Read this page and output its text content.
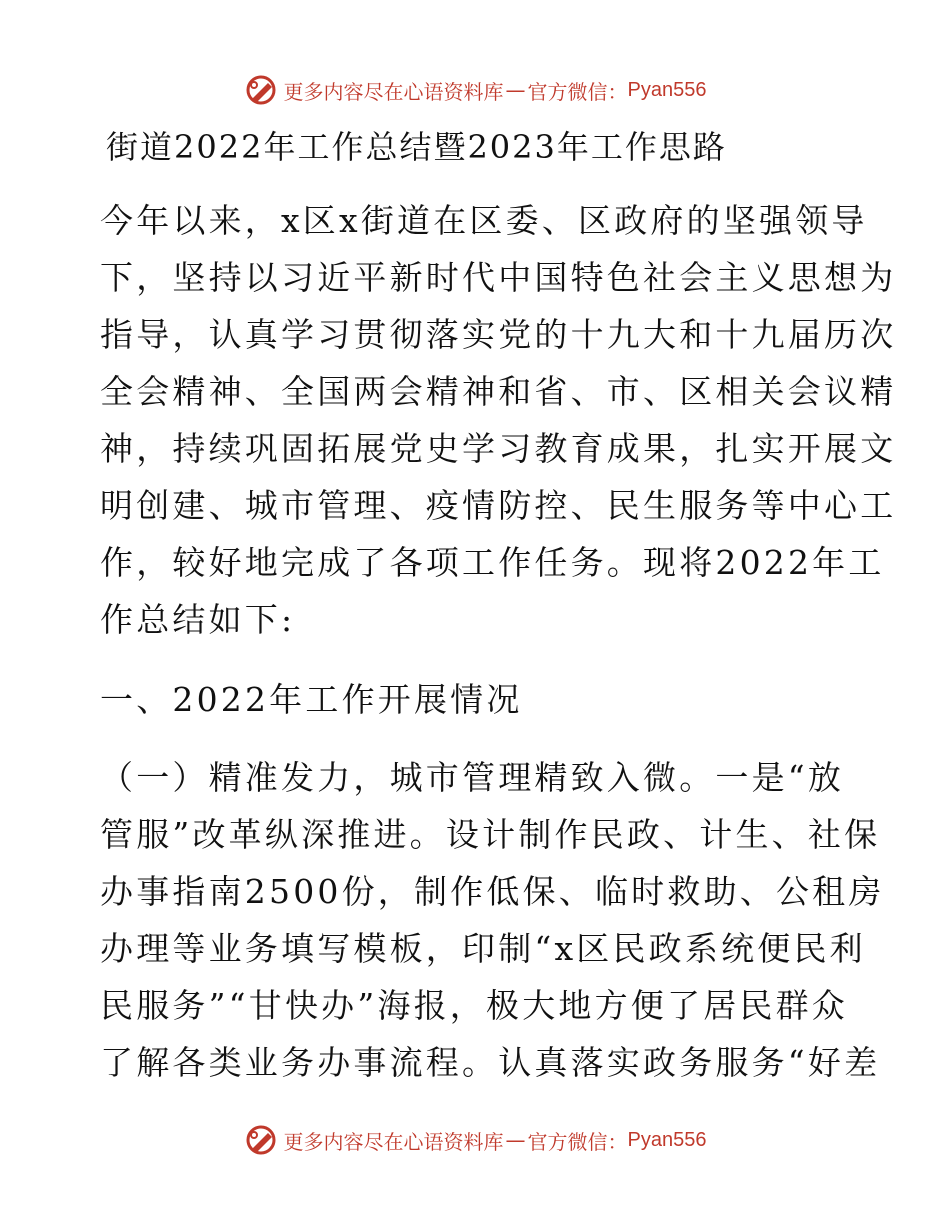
更多内容尽在心语资料库 — 官方微信： Pyan556
街道2022年工作总结暨2023年工作思路
今年以来，x区x街道在区委、区政府的坚强领导
下，坚持以习近平新时代中国特色社会主义思想为
指导，认真学习贯彻落实党的十九大和十九届历次
全会精神、全国两会精神和省、市、区相关会议精
神，持续巩固拓展党史学习教育成果，扎实开展文
明创建、城市管理、疫情防控、民生服务等中心工
作，较好地完成了各项工作任务。现将2022年工
作总结如下:
一、2022年工作开展情况
（一）精准发力，城市管理精致入微。一是“放
管服”改革纵深推进。设计制作民政、计生、社保
办事指南2500份，制作低保、临时救助、公租房
办理等业务填写模板，印制“x区民政系统便民利
民服务”“甘快办”海报，极大地方便了居民群众
了解各类业务办事流程。认真落实政务服务“好差
更多内容尽在心语资料库 — 官方微信： Pyan556
